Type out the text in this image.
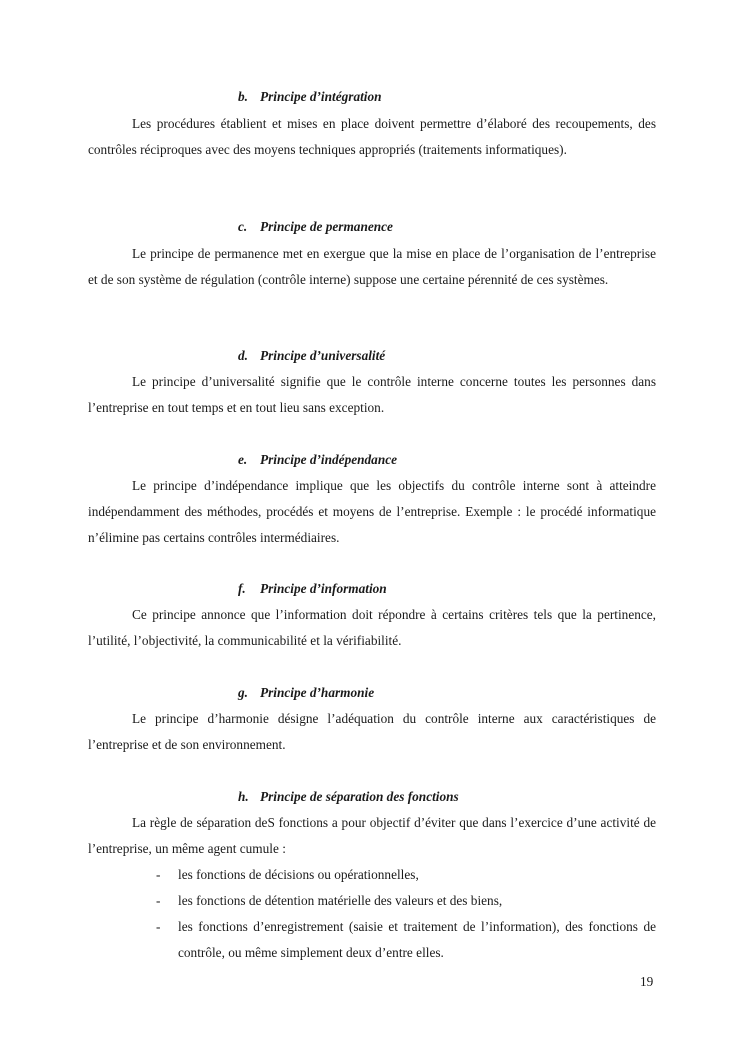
b. Principe d’intégration

Les procédures établient et mises en place doivent permettre d’élaboré des recoupements, des contrôles réciproques avec des moyens techniques appropriés (traitements informatiques).

c. Principe de permanence

Le principe de permanence met en exergue que la mise en place de l’organisation de l’entreprise et de son système de régulation (contrôle interne) suppose une certaine pérennité de ces systèmes.

d. Principe d’universalité

Le principe d’universalité signifie que le contrôle interne concerne toutes les personnes dans l’entreprise en tout temps et en tout lieu sans exception.

e. Principe d’indépendance

Le principe d’indépendance implique que les objectifs du contrôle interne sont à atteindre indépendamment des méthodes, procédés et moyens de l’entreprise. Exemple : le procédé informatique n’élimine pas certains contrôles intermédiaires.

f. Principe d’information

Ce principe annonce que l’information doit répondre à certains critères tels que la pertinence, l’utilité, l’objectivité, la communicabilité et la vérifiabilité.

g. Principe d’harmonie

Le principe d’harmonie désigne l’adéquation du contrôle interne aux caractéristiques de l’entreprise et de son environnement.

h. Principe de séparation des fonctions

La règle de séparation deS fonctions a pour objectif d’éviter que dans l’exercice d’une activité de l’entreprise, un même agent cumule :

- les fonctions de décisions ou opérationnelles,
- les fonctions de détention matérielle des valeurs et des biens,
- les fonctions d’enregistrement (saisie et traitement de l’information), des fonctions de contrôle, ou même simplement deux d’entre elles.
19
